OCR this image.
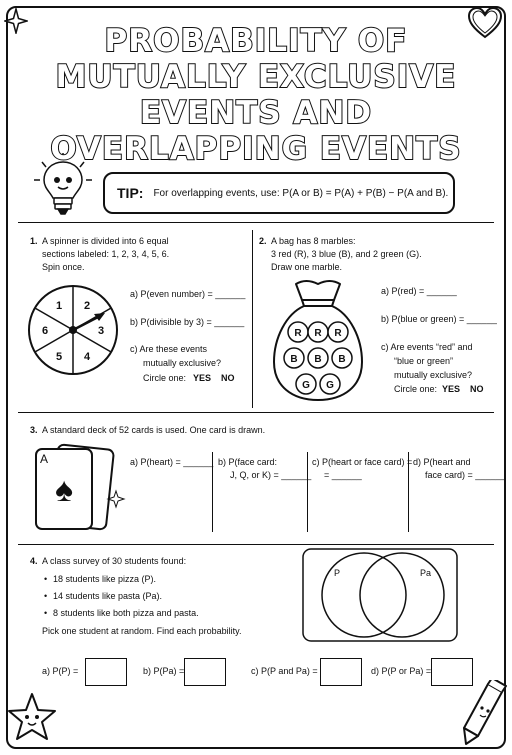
PROBABILITY OF
MUTUALLY EXCLUSIVE
EVENTS AND
OVERLAPPING EVENTS
TIP: For overlapping events, use: P(A or B) = P(A) + P(B) − P(A and B).
1. A spinner is divided into 6 equal
sections labeled: 1, 2, 3, 4, 5, 6.
Spin once.
1 2
3
4
5
6
a) P(even number) = ______
b) P(divisible by 3) = ______
c) Are these events
mutually exclusive?
Circle one: YES NO
2. A bag has 8 marbles:
3 red (R), 3 blue (B), and 2 green (G).
Draw one marble.
R R R
B B B
G G
a) P(red) = ______
b) P(blue or green) = ______
c) Are events “red” and
“blue or green”
mutually exclusive?
Circle one: YES NO
3. A standard deck of 52 cards is used. One card is drawn.
A
♠
a) P(heart) = ______ b) P(face card:
J, Q, or K) = ______
c) P(heart or face card) =
= ______
d) P(heart and
face card) = ______
4. A class survey of 30 students found:
• 18 students like pizza (P).
• 14 students like pasta (Pa).
• 8 students like both pizza and pasta.
Pick one student at random. Find each probability.
P	Pa
a) P(P) =	b) P(Pa) =	c) P(P and Pa) =	d) P(P or Pa) =
